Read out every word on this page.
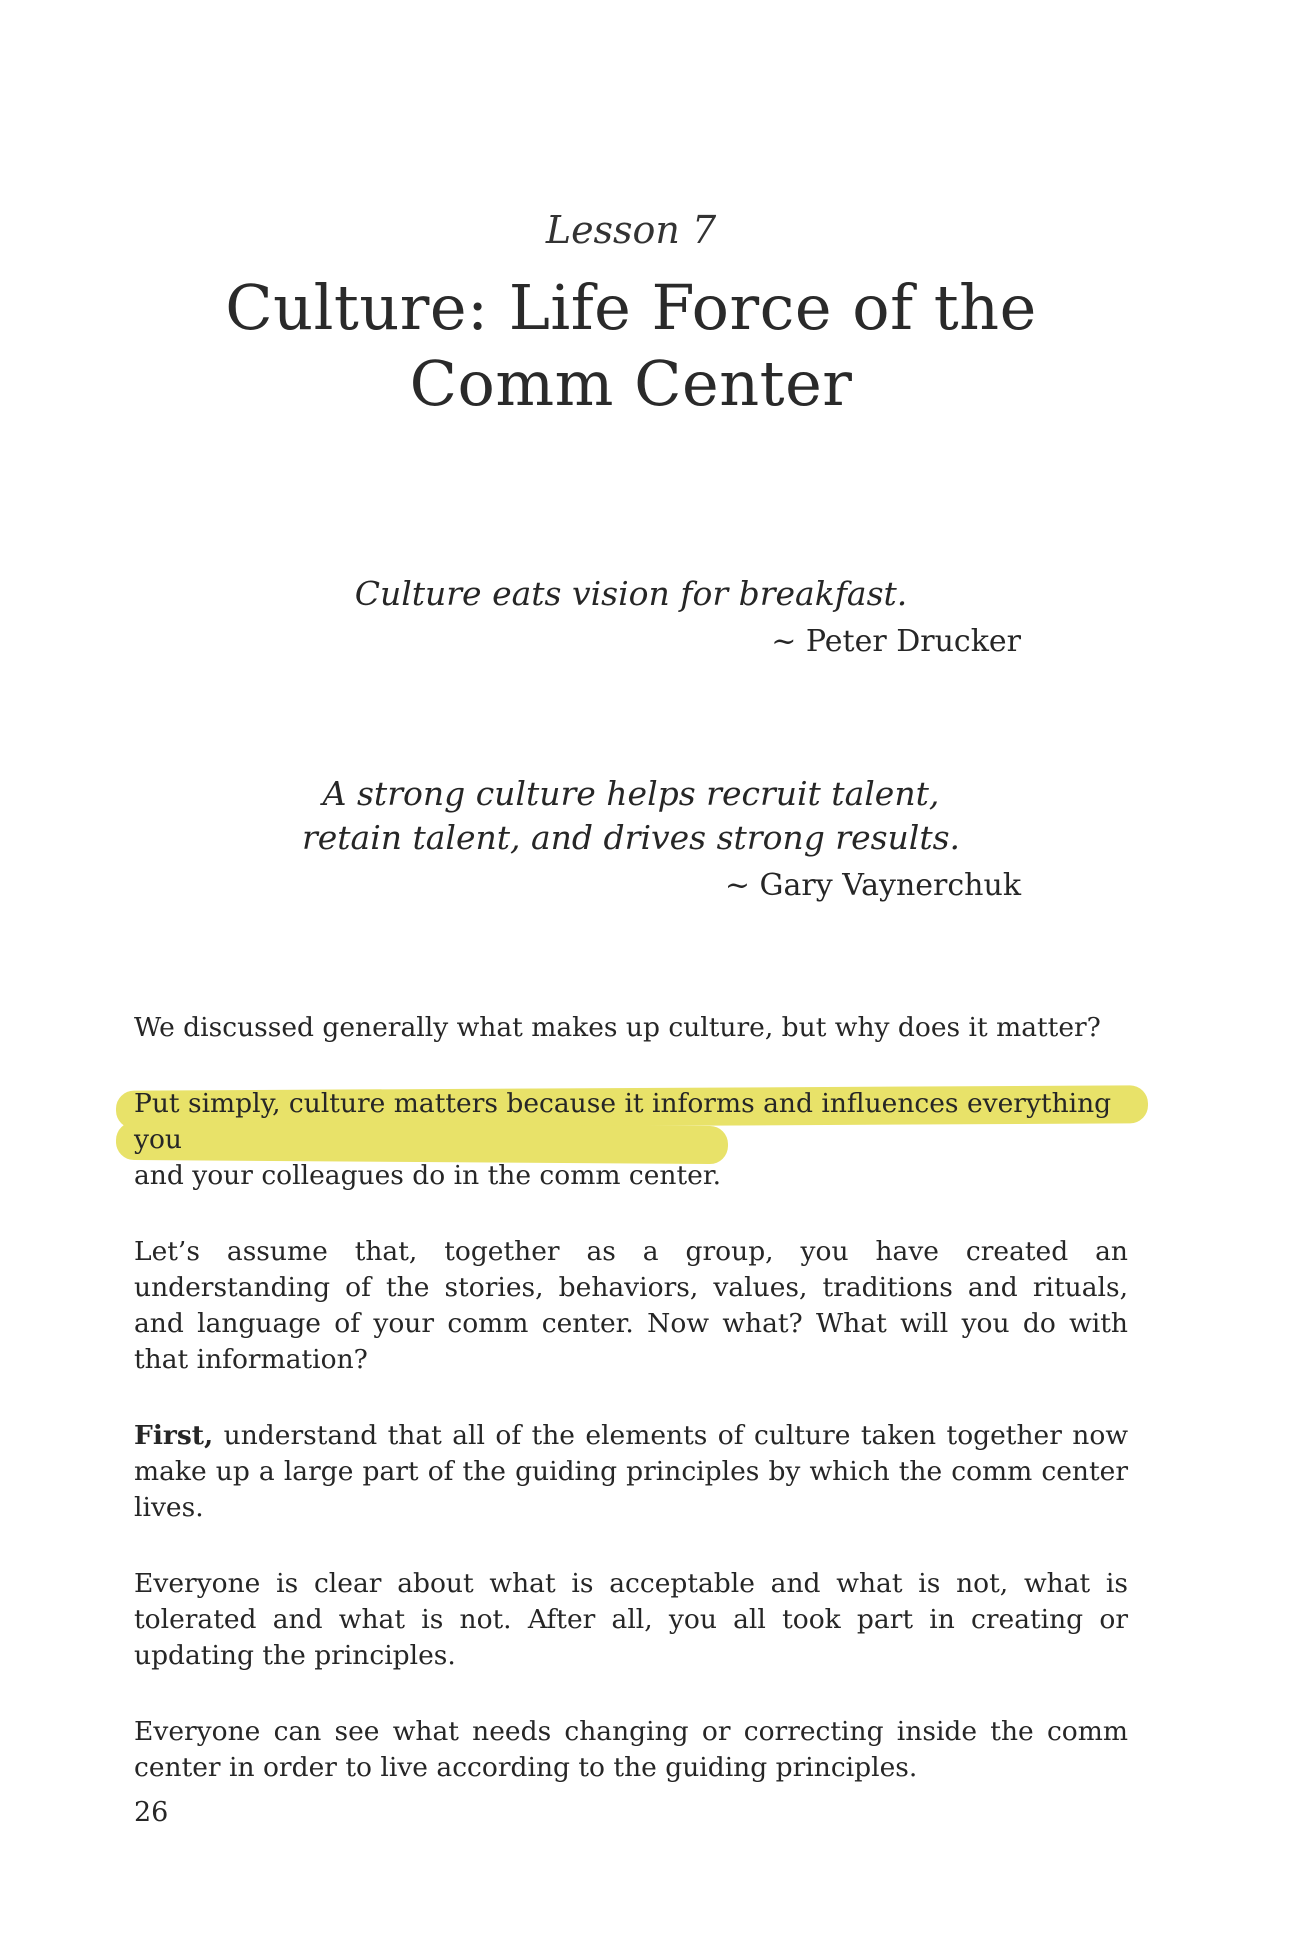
Lesson 7
Culture: Life Force of the
Comm Center
Culture eats vision for breakfast.
~ Peter Drucker
A strong culture helps recruit talent,
retain talent, and drives strong results.
~ Gary Vaynerchuk

We discussed generally what makes up culture, but why does it matter?

Put simply, culture matters because it informs and influences everything you
and your colleagues do in the comm center.

Let’s assume that, together as a group, you have created an understanding of the stories, behaviors, values, traditions and rituals, and language of your comm center. Now what? What will you do with that information?

First, understand that all of the elements of culture taken together now make up a large part of the guiding principles by which the comm center lives.

Everyone is clear about what is acceptable and what is not, what is tolerated and what is not. After all, you all took part in creating or updating the principles.

Everyone can see what needs changing or correcting inside the comm center in order to live according to the guiding principles.

26
